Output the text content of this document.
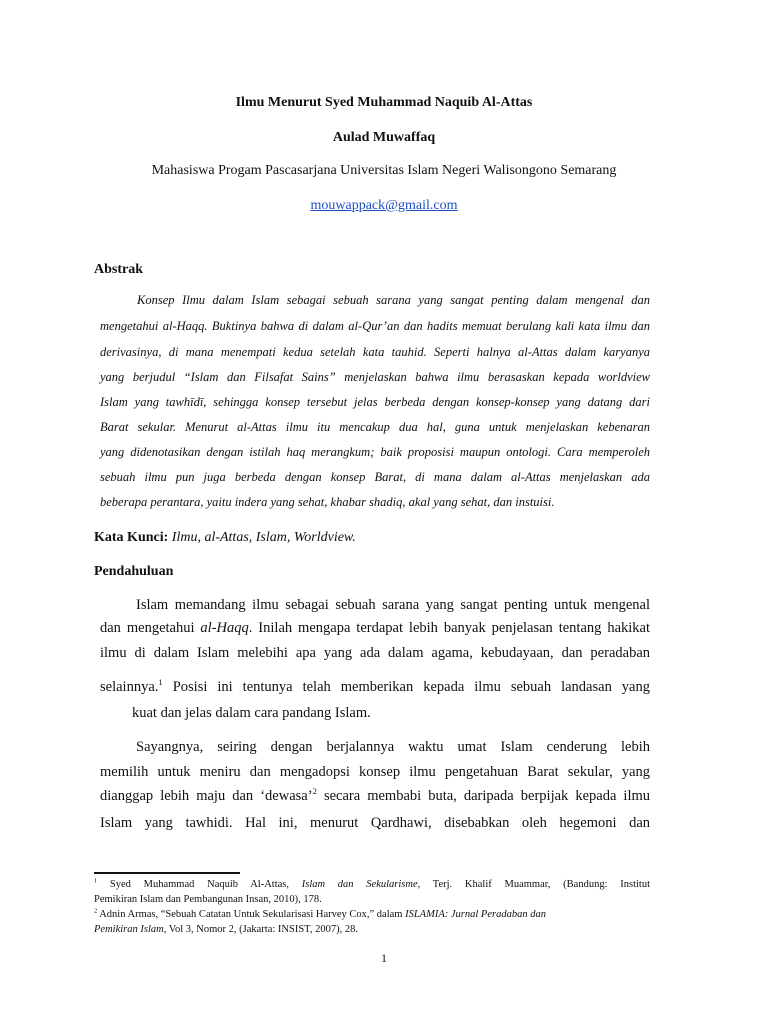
Ilmu Menurut Syed Muhammad Naquib Al-Attas
Aulad Muwaffaq
Mahasiswa Progam Pascasarjana Universitas Islam Negeri Walisongono Semarang
mouwappack@gmail.com
Abstrak
Konsep Ilmu dalam Islam sebagai sebuah sarana yang sangat penting dalam mengenal dan
mengetahui al-Haqq. Buktinya bahwa di dalam al-Qur’an dan hadits memuat berulang kali kata ilmu dan
derivasinya, di mana menempati kedua setelah kata tauhid. Seperti halnya al-Attas dalam karyanya
yang berjudul “Islam dan Filsafat Sains” menjelaskan bahwa ilmu berasaskan kepada worldview
Islam yang tawhīdī, sehingga konsep tersebut jelas berbeda dengan konsep-konsep yang datang dari
Barat sekular. Menurut al-Attas ilmu itu mencakup dua hal, guna untuk menjelaskan kebenaran
yang didenotasikan dengan istilah haq merangkum; baik proposisi maupun ontologi. Cara memperoleh
sebuah ilmu pun juga berbeda dengan konsep Barat, di mana dalam al-Attas menjelaskan ada
beberapa perantara, yaitu indera yang sehat, khabar shadiq, akal yang sehat, dan instuisi.
Kata Kunci: Ilmu, al-Attas, Islam, Worldview.
Pendahuluan
Islam memandang ilmu sebagai sebuah sarana yang sangat penting untuk mengenal
dan mengetahui al-Haqq. Inilah mengapa terdapat lebih banyak penjelasan tentang hakikat
ilmu di dalam Islam melebihi apa yang ada dalam agama, kebudayaan, dan peradaban
selainnya.$^1$ Posisi ini tentunya telah memberikan kepada ilmu sebuah landasan yang
kuat dan jelas dalam cara pandang Islam.
Sayangnya, seiring dengan berjalannya waktu umat Islam cenderung lebih
memilih untuk meniru dan mengadopsi konsep ilmu pengetahuan Barat sekular, yang
dianggap lebih maju dan ‘dewasa’$^2$ secara membabi buta, daripada berpijak kepada ilmu
Islam yang tawhidi. Hal ini, menurut Qardhawi, disebabkan oleh hegemoni dan
$^1$ Syed Muhammad Naquib Al-Attas, Islam dan Sekularisme, Terj. Khalif Muammar, (Bandung: Institut
Pemikiran Islam dan Pembangunan Insan, 2010), 178.
$^2$ Adnin Armas, “Sebuah Catatan Untuk Sekularisasi Harvey Cox,” dalam ISLAMIA: Jurnal Peradaban dan
Pemikiran Islam, Vol 3, Nomor 2, (Jakarta: INSIST, 2007), 28.
1
